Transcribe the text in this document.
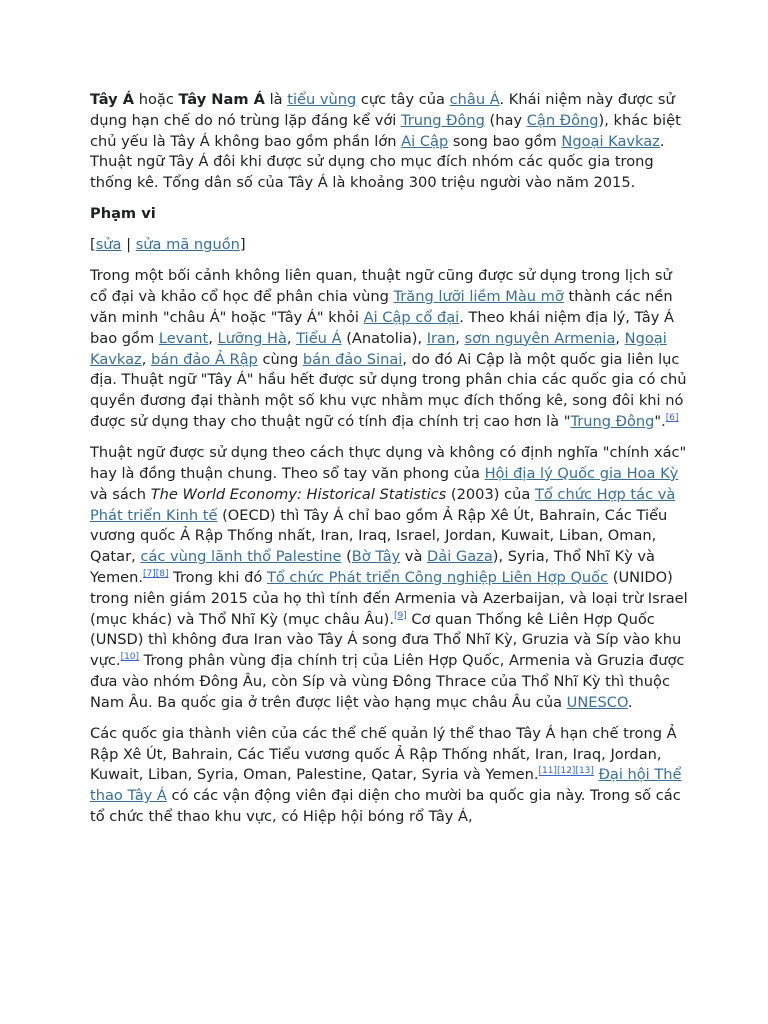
Tây Á hoặc Tây Nam Á là tiểu vùng cực tây của châu Á. Khái niệm này được sử dụng hạn chế do nó trùng lặp đáng kể với Trung Đông (hay Cận Đông), khác biệt chủ yếu là Tây Á không bao gồm phần lớn Ai Cập song bao gồm Ngoại Kavkaz. Thuật ngữ Tây Á đôi khi được sử dụng cho mục đích nhóm các quốc gia trong thống kê. Tổng dân số của Tây Á là khoảng 300 triệu người vào năm 2015.

Phạm vi

[sửa | sửa mã nguồn]

Trong một bối cảnh không liên quan, thuật ngữ cũng được sử dụng trong lịch sử cổ đại và khảo cổ học để phân chia vùng Trăng lưỡi liềm Màu mỡ thành các nền văn minh "châu Á" hoặc "Tây Á" khỏi Ai Cập cổ đại. Theo khái niệm địa lý, Tây Á bao gồm Levant, Lưỡng Hà, Tiểu Á (Anatolia), Iran, sơn nguyên Armenia, Ngoại Kavkaz, bán đảo Ả Rập cùng bán đảo Sinai, do đó Ai Cập là một quốc gia liên lục địa. Thuật ngữ "Tây Á" hầu hết được sử dụng trong phân chia các quốc gia có chủ quyền đương đại thành một số khu vực nhằm mục đích thống kê, song đôi khi nó được sử dụng thay cho thuật ngữ có tính địa chính trị cao hơn là "Trung Đông".[6]

Thuật ngữ được sử dụng theo cách thực dụng và không có định nghĩa "chính xác" hay là đồng thuận chung. Theo sổ tay văn phong của Hội địa lý Quốc gia Hoa Kỳ và sách The World Economy: Historical Statistics (2003) của Tổ chức Hợp tác và Phát triển Kinh tế (OECD) thì Tây Á chỉ bao gồm Ả Rập Xê Út, Bahrain, Các Tiểu vương quốc Ả Rập Thống nhất, Iran, Iraq, Israel, Jordan, Kuwait, Liban, Oman, Qatar, các vùng lãnh thổ Palestine (Bờ Tây và Dải Gaza), Syria, Thổ Nhĩ Kỳ và Yemen.[7][8] Trong khi đó Tổ chức Phát triển Công nghiệp Liên Hợp Quốc (UNIDO) trong niên giám 2015 của họ thì tính đến Armenia và Azerbaijan, và loại trừ Israel (mục khác) và Thổ Nhĩ Kỳ (mục châu Âu).[9] Cơ quan Thống kê Liên Hợp Quốc (UNSD) thì không đưa Iran vào Tây Á song đưa Thổ Nhĩ Kỳ, Gruzia và Síp vào khu vực.[10] Trong phân vùng địa chính trị của Liên Hợp Quốc, Armenia và Gruzia được đưa vào nhóm Đông Âu, còn Síp và vùng Đông Thrace của Thổ Nhĩ Kỳ thì thuộc Nam Âu. Ba quốc gia ở trên được liệt vào hạng mục châu Âu của UNESCO.

Các quốc gia thành viên của các thể chế quản lý thể thao Tây Á hạn chế trong Ả Rập Xê Út, Bahrain, Các Tiểu vương quốc Ả Rập Thống nhất, Iran, Iraq, Jordan, Kuwait, Liban, Syria, Oman, Palestine, Qatar, Syria và Yemen.[11][12][13] Đại hội Thể thao Tây Á có các vận động viên đại diện cho mười ba quốc gia này. Trong số các tổ chức thể thao khu vực, có Hiệp hội bóng rổ Tây Á,
